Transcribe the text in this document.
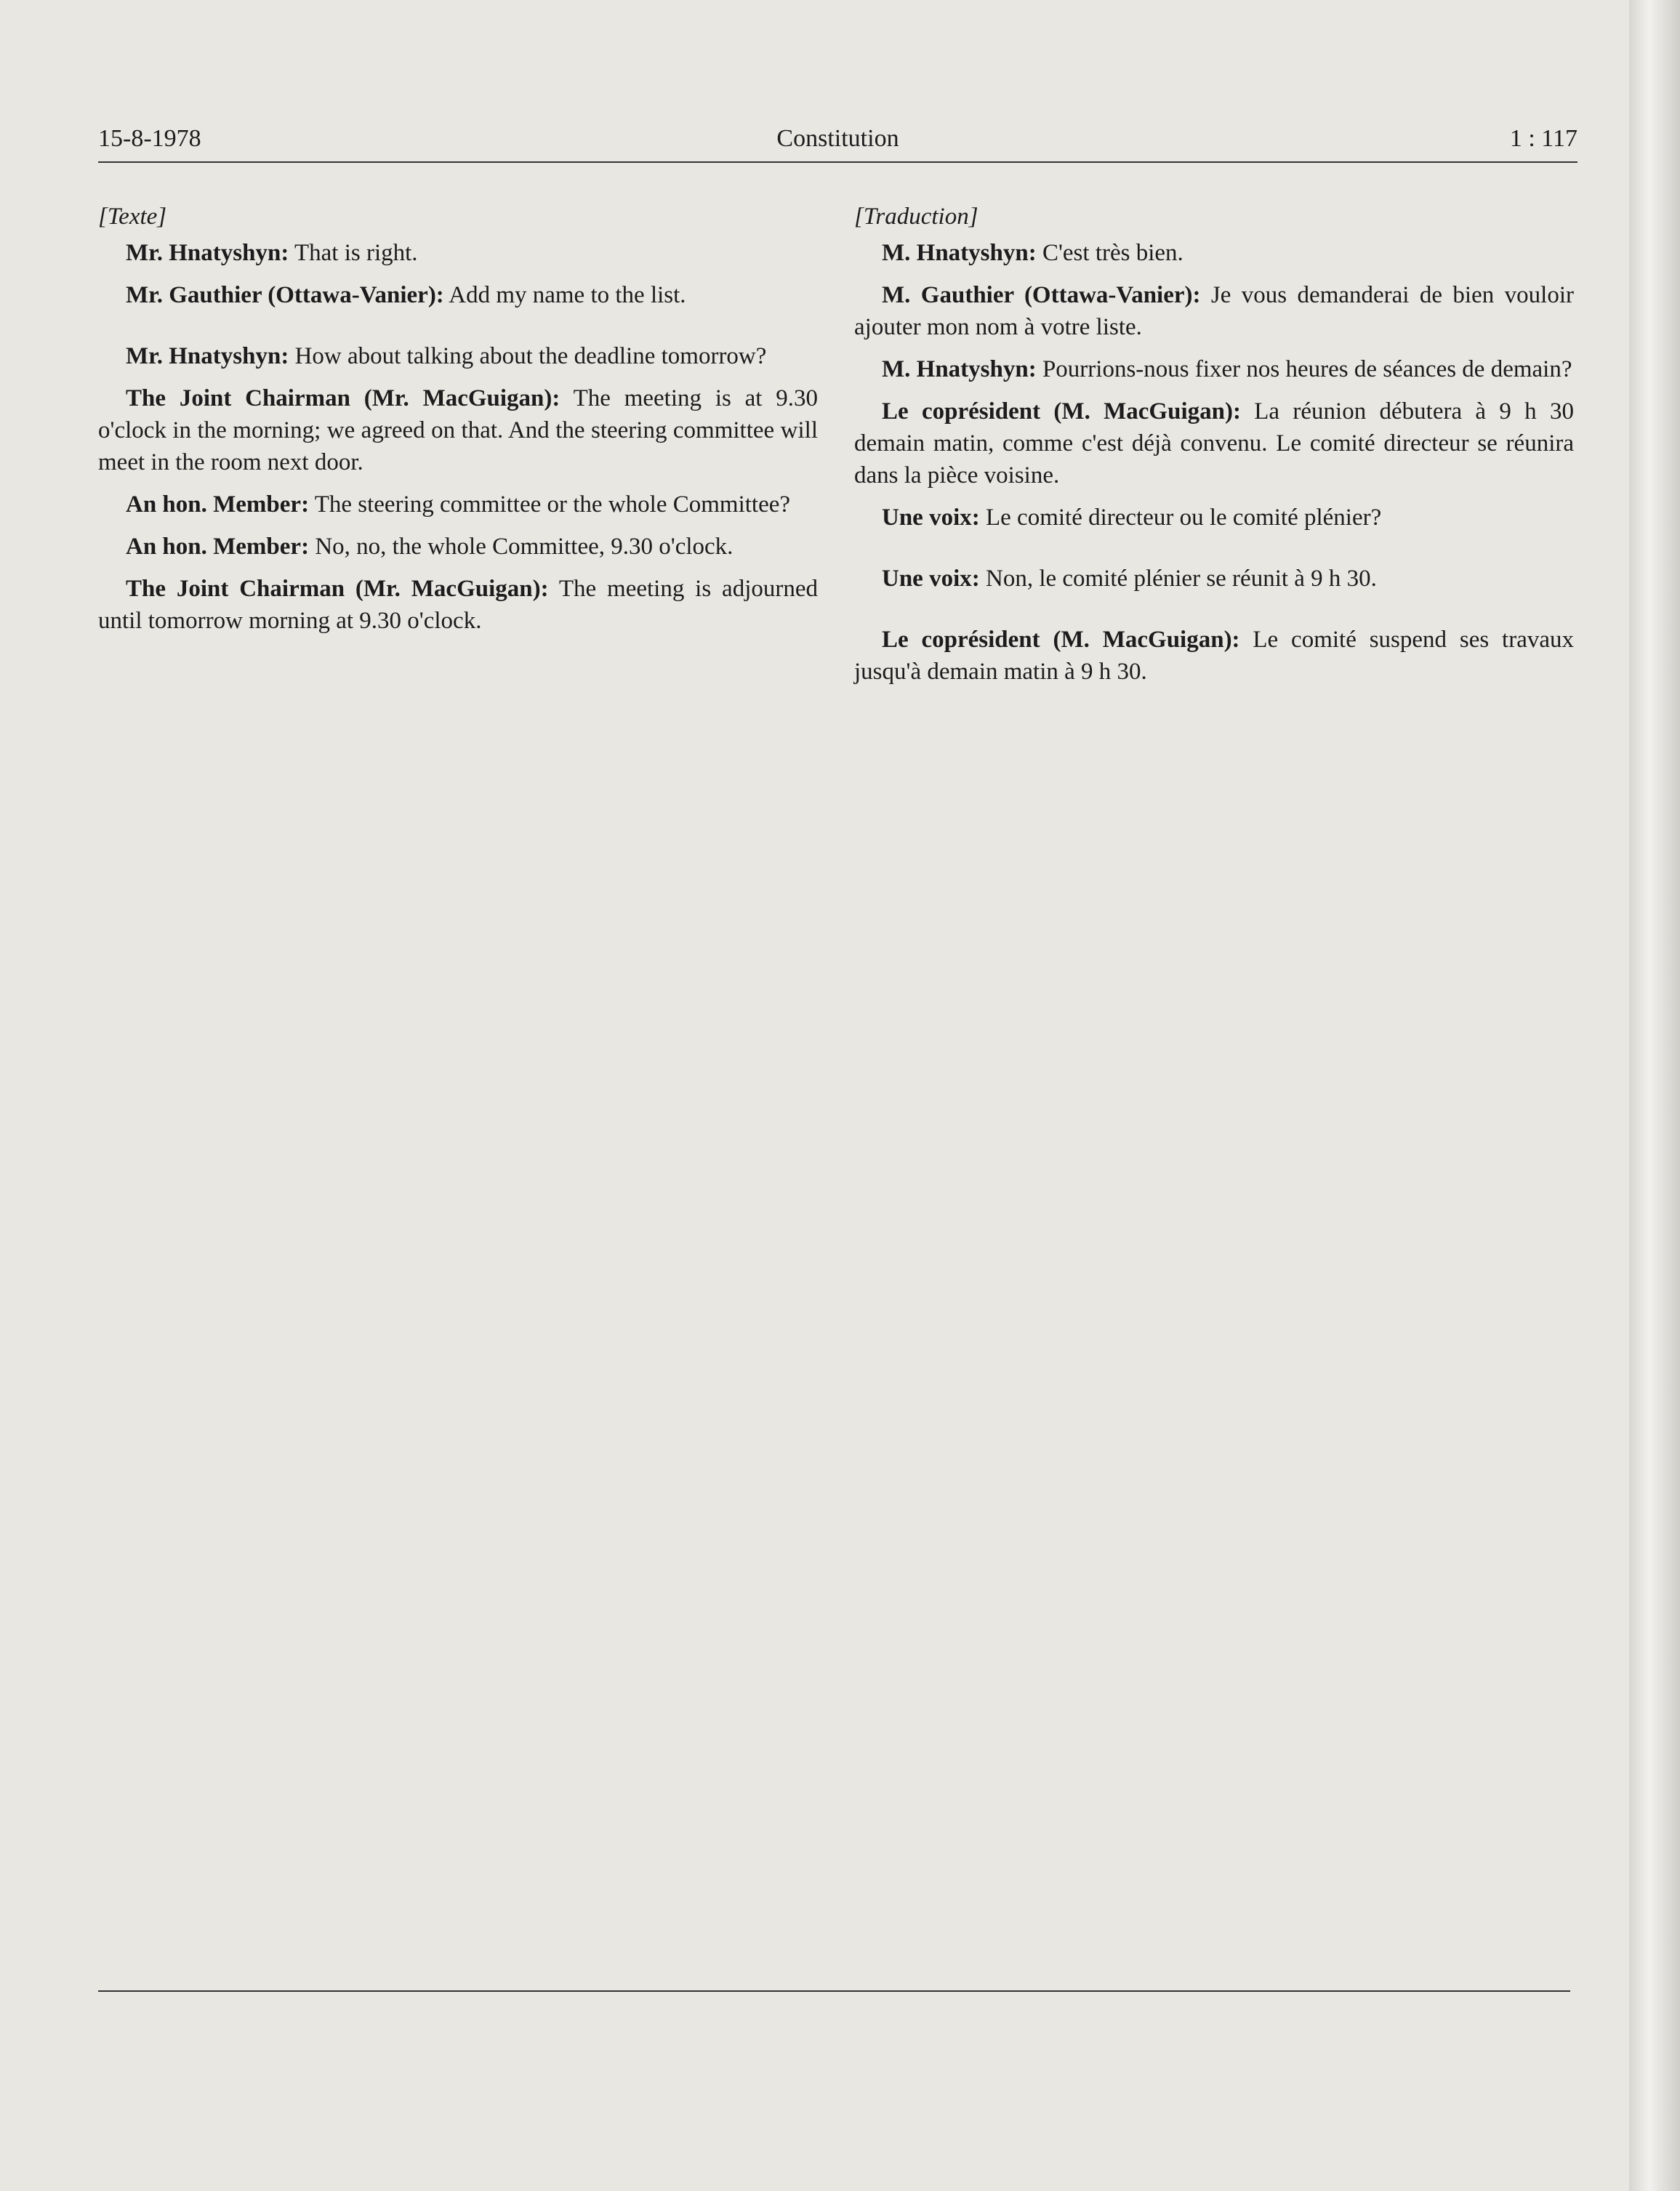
Constitution
15-8-1978	1 : 117

[Texte]

Mr. Hnatyshyn: That is right.

Mr. Gauthier (Ottawa-Vanier): Add my name to the list.

Mr. Hnatyshyn: How about talking about the deadline tomorrow?

The Joint Chairman (Mr. MacGuigan): The meeting is at 9.30 o'clock in the morning; we agreed on that. And the steering committee will meet in the room next door.

An hon. Member: The steering committee or the whole Committee?

An hon. Member: No, no, the whole Committee, 9.30 o'clock.

The Joint Chairman (Mr. MacGuigan): The meeting is adjourned until tomorrow morning at 9.30 o'clock.

[Traduction]

M. Hnatyshyn: C'est très bien.

M. Gauthier (Ottawa-Vanier): Je vous demanderai de bien vouloir ajouter mon nom à votre liste.

M. Hnatyshyn: Pourrions-nous fixer nos heures de séances de demain?

Le coprésident (M. MacGuigan): La réunion débutera à 9 h 30 demain matin, comme c'est déjà convenu. Le comité directeur se réunira dans la pièce voisine.

Une voix: Le comité directeur ou le comité plénier?

Une voix: Non, le comité plénier se réunit à 9 h 30.

Le coprésident (M. MacGuigan): Le comité suspend ses travaux jusqu'à demain matin à 9 h 30.
